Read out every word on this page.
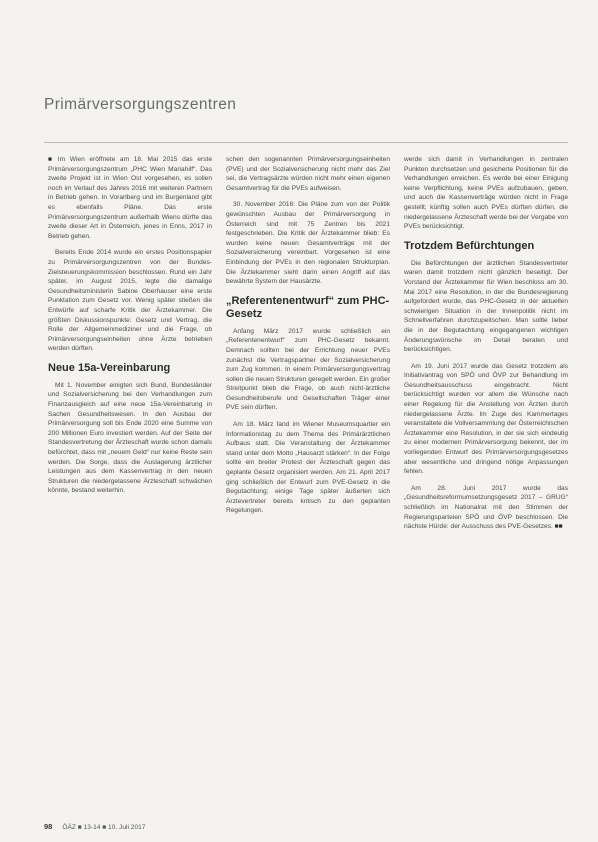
Primärversorgungszentren

■ Im Wien eröffnete am 18. Mai 2015 das erste Primärversorgungszentrum „PHC Wien Mariahilf“. Das zweite Projekt ist in Wien Ost vorgesehen, es sollen noch im Verlauf des Jahres 2016 mit weiteren Partnern in Betrieb gehen. In Vorarlberg und im Burgenland gibt es ebenfalls Pläne. Das erste Primärversorgungszentrum außerhalb Wiens dürfte das zweite dieser Art in Österreich, jenes in Enns, 2017 in Betrieb gehen.

Bereits Ende 2014 wurde ein erstes Positionspapier zu Primärversorgungszentren von der Bundes-Zielsteuerungskommission beschlossen. Rund ein Jahr später, im August 2015, legte die damalige Gesundheitsministerin Sabine Oberhauser eine erste Punktation zum Gesetz vor. Wenig später stießen die Entwürfe auf scharfe Kritik der Ärztekammer. Die größten Diskussionspunkte: Gesetz und Vertrag, die Rolle der Allgemeinmediziner und die Frage, ob Primärversorgungseinheiten ohne Ärzte betrieben werden dürften.

Neue 15a-Vereinbarung

Mit 1. November einigten sich Bund, Bundesländer und Sozialversicherung bei den Verhandlungen zum Finanzausgleich auf eine neue 15a-Vereinbarung in Sachen Gesundheitswesen. In den Ausbau der Primärversorgung soll bis Ende 2020 eine Summe von 200 Millionen Euro investiert werden. Auf der Seite der Standesvertretung der Ärzteschaft wurde schon damals befürchtet, dass mit „neuem Geld“ nur keine Reste sein werden. Die Sorge, dass die Auslagerung ärztlicher Leistungen aus dem Kassenvertrag in den neuen Strukturen die niedergelassene Ärzteschaft schwächen könnte, bestand weiterhin.

schen den sogenannten Primärversorgungseinheiten (PVE) und der Sozialversicherung nicht mehr das Ziel sei, die Vertragsärzte würden nicht mehr einen eigenen Gesamtvertrag für die PVEs aufweisen.

30. November 2016: Die Pläne zum von der Politik gewünschten Ausbau der Primärversorgung in Österreich sind mit 75 Zentren bis 2021 festgeschrieben. Die Kritik der Ärztekammer blieb: Es wurden keine neuen Gesamtverträge mit der Sozialversicherung vereinbart. Vorgesehen ist eine Einbindung der PVEs in den regionalen Strukturplan. Die Ärztekammer sieht darin einen Angriff auf das bewährte System der Hausärzte.

„Referentenentwurf“ zum PHC-Gesetz

Anfang März 2017 wurde schließlich ein „Referentenentwurf“ zum PHC-Gesetz bekannt. Demnach sollten bei der Errichtung neuer PVEs zunächst die Vertragspartner der Sozialversicherung zum Zug kommen. In einem Primärversorgungsvertrag sollen die neuen Strukturen geregelt werden. Ein großer Streitpunkt blieb die Frage, ob auch nicht-ärztliche Gesundheitsberufe und Gesellschaften Träger einer PVE sein dürften.

Am 18. März fand im Wiener Museumsquartier ein Informationstag zu dem Thema des Primärärztlichen Aufbaus statt. Die Veranstaltung der Ärztekammer stand unter dem Motto „Hausarzt stärken“. In der Folge sollte ein breiter Protest der Ärzteschaft gegen das geplante Gesetz organisiert werden. Am 21. April 2017 ging schließlich der Entwurf zum PVE-Gesetz in die Begutachtung; einige Tage später äußerten sich Ärztevertreter bereits kritisch zu den geplanten Regelungen.

werde sich damit in Verhandlungen in zentralen Punkten durchsetzen und gesicherte Positionen für die Verhandlungen erreichen. Es werde bei einer Einigung keine Verpflichtung, keine PVEs aufzubauen, geben, und auch die Kassenverträge würden nicht in Frage gestellt; künftig sollen auch PVEs dürften dürfen, die niedergelassene Ärzteschaft werde bei der Vergabe von PVEs berücksichtigt.

Trotzdem Befürchtungen

Die Befürchtungen der ärztlichen Standesvertreter waren damit trotzdem nicht gänzlich beseitigt. Der Vorstand der Ärztekammer für Wien beschloss am 30. Mai 2017 eine Resolution, in der die Bundesregierung aufgefordert wurde, das PHC-Gesetz in der aktuellen schwierigen Situation in der Innenpolitik nicht im Schnellverfahren durchzupeitschen. Man sollte lieber die in der Begutachtung eingegangenen wichtigen Änderungswünsche im Detail beraten und berücksichtigen.

Am 19. Juni 2017 wurde das Gesetz trotzdem als Initiativantrag von SPÖ und ÖVP zur Behandlung im Gesundheitsausschuss eingebracht. Nicht berücksichtigt wurden vor allem die Wünsche nach einer Regelung für die Anstellung von Ärzten durch niedergelassene Ärzte. Im Zuge des Kammertages veranstaltete die Vollversammlung der Österreichischen Ärztekammer eine Resolution, in der sie sich eindeutig zu einer modernen Primärversorgung bekennt, der im vorliegenden Entwurf des Primärversorgungsgesetzes aber wesentliche und dringend nötige Anpassungen fehlen.

Am 28. Juni 2017 wurde das „Gesundheitsreformumsetzungsgesetz 2017 – GRUG“ schließlich im Nationalrat mit den Stimmen der Regierungsparteien SPÖ und ÖVP beschlossen. Die nächste Hürde: der Ausschuss des PVE-Gesetzes. ■■

98 ÖÄZ ■ 13-14 ■ 10. Juli 2017
